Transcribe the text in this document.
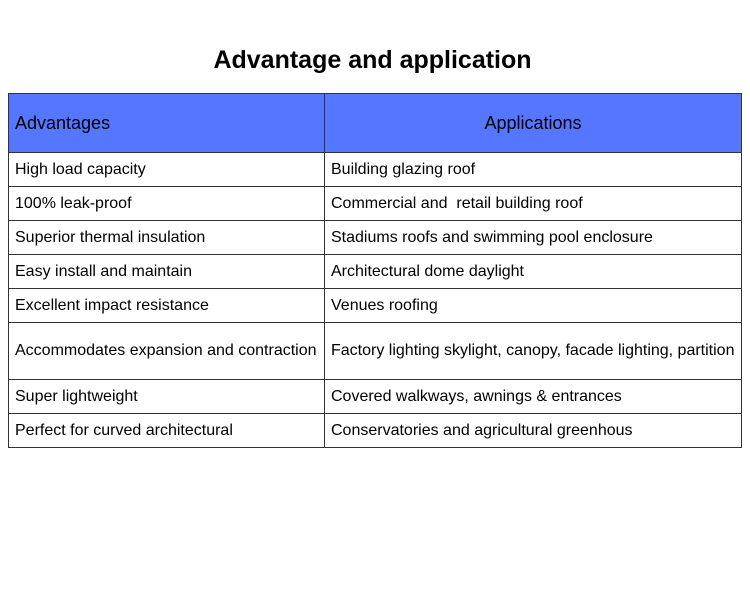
Advantage and application
Advantages	Applications
High load capacity	Building glazing roof
100% leak-proof	Commercial and  retail building roof
Superior thermal insulation	Stadiums roofs and swimming pool enclosure
Easy install and maintain	Architectural dome daylight
Excellent impact resistance	Venues roofing
Accommodates expansion and contraction	Factory lighting skylight, canopy, facade lighting, partition
Super lightweight	Covered walkways, awnings & entrances
Perfect for curved architectural	Conservatories and agricultural greenhous
